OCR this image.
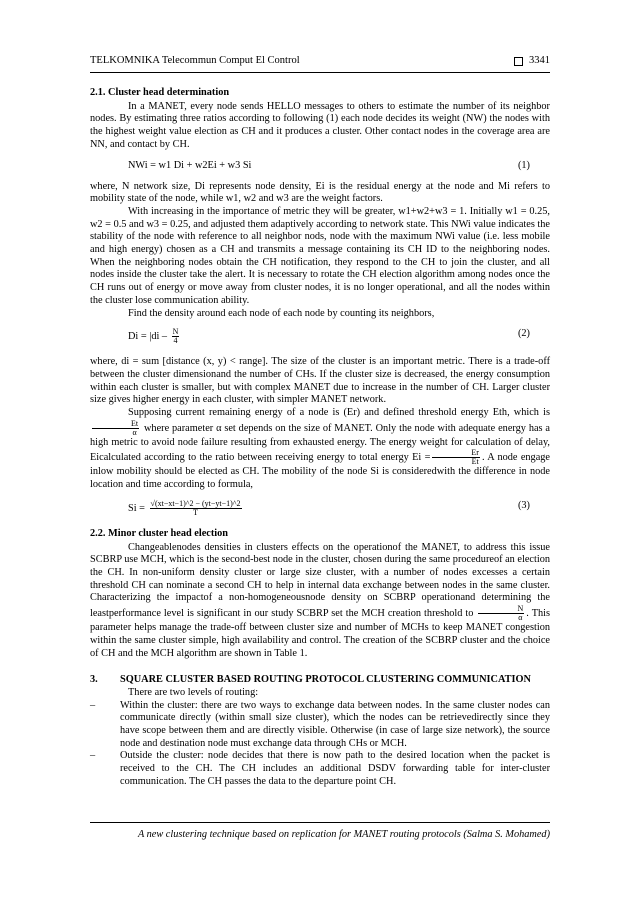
TELKOMNIKA Telecommun Comput El Control	3341

2.1. Cluster head determination

In a MANET, every node sends HELLO messages to others to estimate the number of its neighbor nodes. By estimating three ratios according to following (1) each node decides its weight (NW) the nodes with the highest weight value election as CH and it produces a cluster. Other contact nodes in the coverage area are NN, and contact by CH.

NWi = w1 Di + w2Ei + w3 Si	(1)

where, N network size, Di represents node density, Ei is the residual energy at the node and Mi refers to mobility state of the node, while w1, w2 and w3 are the weight factors.

With increasing in the importance of metric they will be greater, w1+w2+w3 = 1. Initially w1 = 0.25, w2 = 0.5 and w3 = 0.25, and adjusted them adaptively according to network state. This NWi value indicates the stability of the node with reference to all neighbor nods, node with the maximum NWi value (i.e. less mobile and high energy) chosen as a CH and transmits a message containing its CH ID to the neighboring nodes. When the neighboring nodes obtain the CH notification, they respond to the CH to join the cluster, and all nodes inside the cluster take the alert. It is necessary to rotate the CH election algorithm among nodes once the CH runs out of energy or move away from cluster nodes, it is no longer operational, and all the nodes within the cluster lose communication ability.

Find the density around each node of each node by counting its neighbors,

$Di = |di - \frac{N}{4}$	(2)

where, di = sum [distance (x, y) < range]. The size of the cluster is an important metric. There is a trade-off between the cluster dimensionand the number of CHs. If the cluster size is decreased, the energy consumption within each cluster is smaller, but with complex MANET due to increase in the number of CH. Larger cluster size gives higher energy in each cluster, with simpler MANET network.

Supposing current remaining energy of a node is (Er) and defined threshold energy Eth, which is
$\frac{Et}{\alpha}$ where parameter α set depends on the size of MANET. Only the node with adequate energy has a high metric to avoid node failure resulting from exhausted energy. The energy weight for calculation of delay, Eicalculated according to the ratio between receiving energy to total energy $Ei = \frac{Er}{Et}$ . A node engage inlow mobility should be elected as CH. The mobility of the node Si is consideredwith the difference in node location and time according to formula,

$Si = \frac{√(xt-xt-1)\^{}2 - (yt-yt-1)\^{}2}{T}$	(3)

2.2. Minor cluster head election

Changeablenodes densities in clusters effects on the operationof the MANET, to address this issue SCBRP use MCH, which is the second-best node in the cluster, chosen during the same procedureof an election the CH. In non-uniform density cluster or large size cluster, with a number of nodes excesses a certain threshold CH can nominate a second CH to help in internal data exchange between nodes in the same cluster. Characterizing the impactof a non-homogeneousnode density on SCBRP operationand determining the leastperformance level is significant in our study SCBRP set the MCH creation threshold to $\frac{N}{\alpha}$ . This parameter helps manage the trade-off between cluster size and number of MCHs to keep MANET congestion within the same cluster simple, high availability and control. The creation of the SCBRP cluster and the choice of CH and the MCH algorithm are shown in Table 1.

3.	SQUARE CLUSTER BASED ROUTING PROTOCOL CLUSTERING COMMUNICATION

There are two levels of routing:

–	Within the cluster: there are two ways to exchange data between nodes. In the same cluster nodes can communicate directly (within small size cluster), which the nodes can be retrievedirectly since they have scope between them and are directly visible. Otherwise (in case of large size network), the source node and destination node must exchange data through CHs or MCH.
–	Outside the cluster: node decides that there is now path to the desired location when the packet is received to the CH. The CH includes an additional DSDV forwarding table for inter-cluster communication. The CH passes the data to the departure point CH.
A new clustering technique based on replication for MANET routing protocols (Salma S. Mohamed)
